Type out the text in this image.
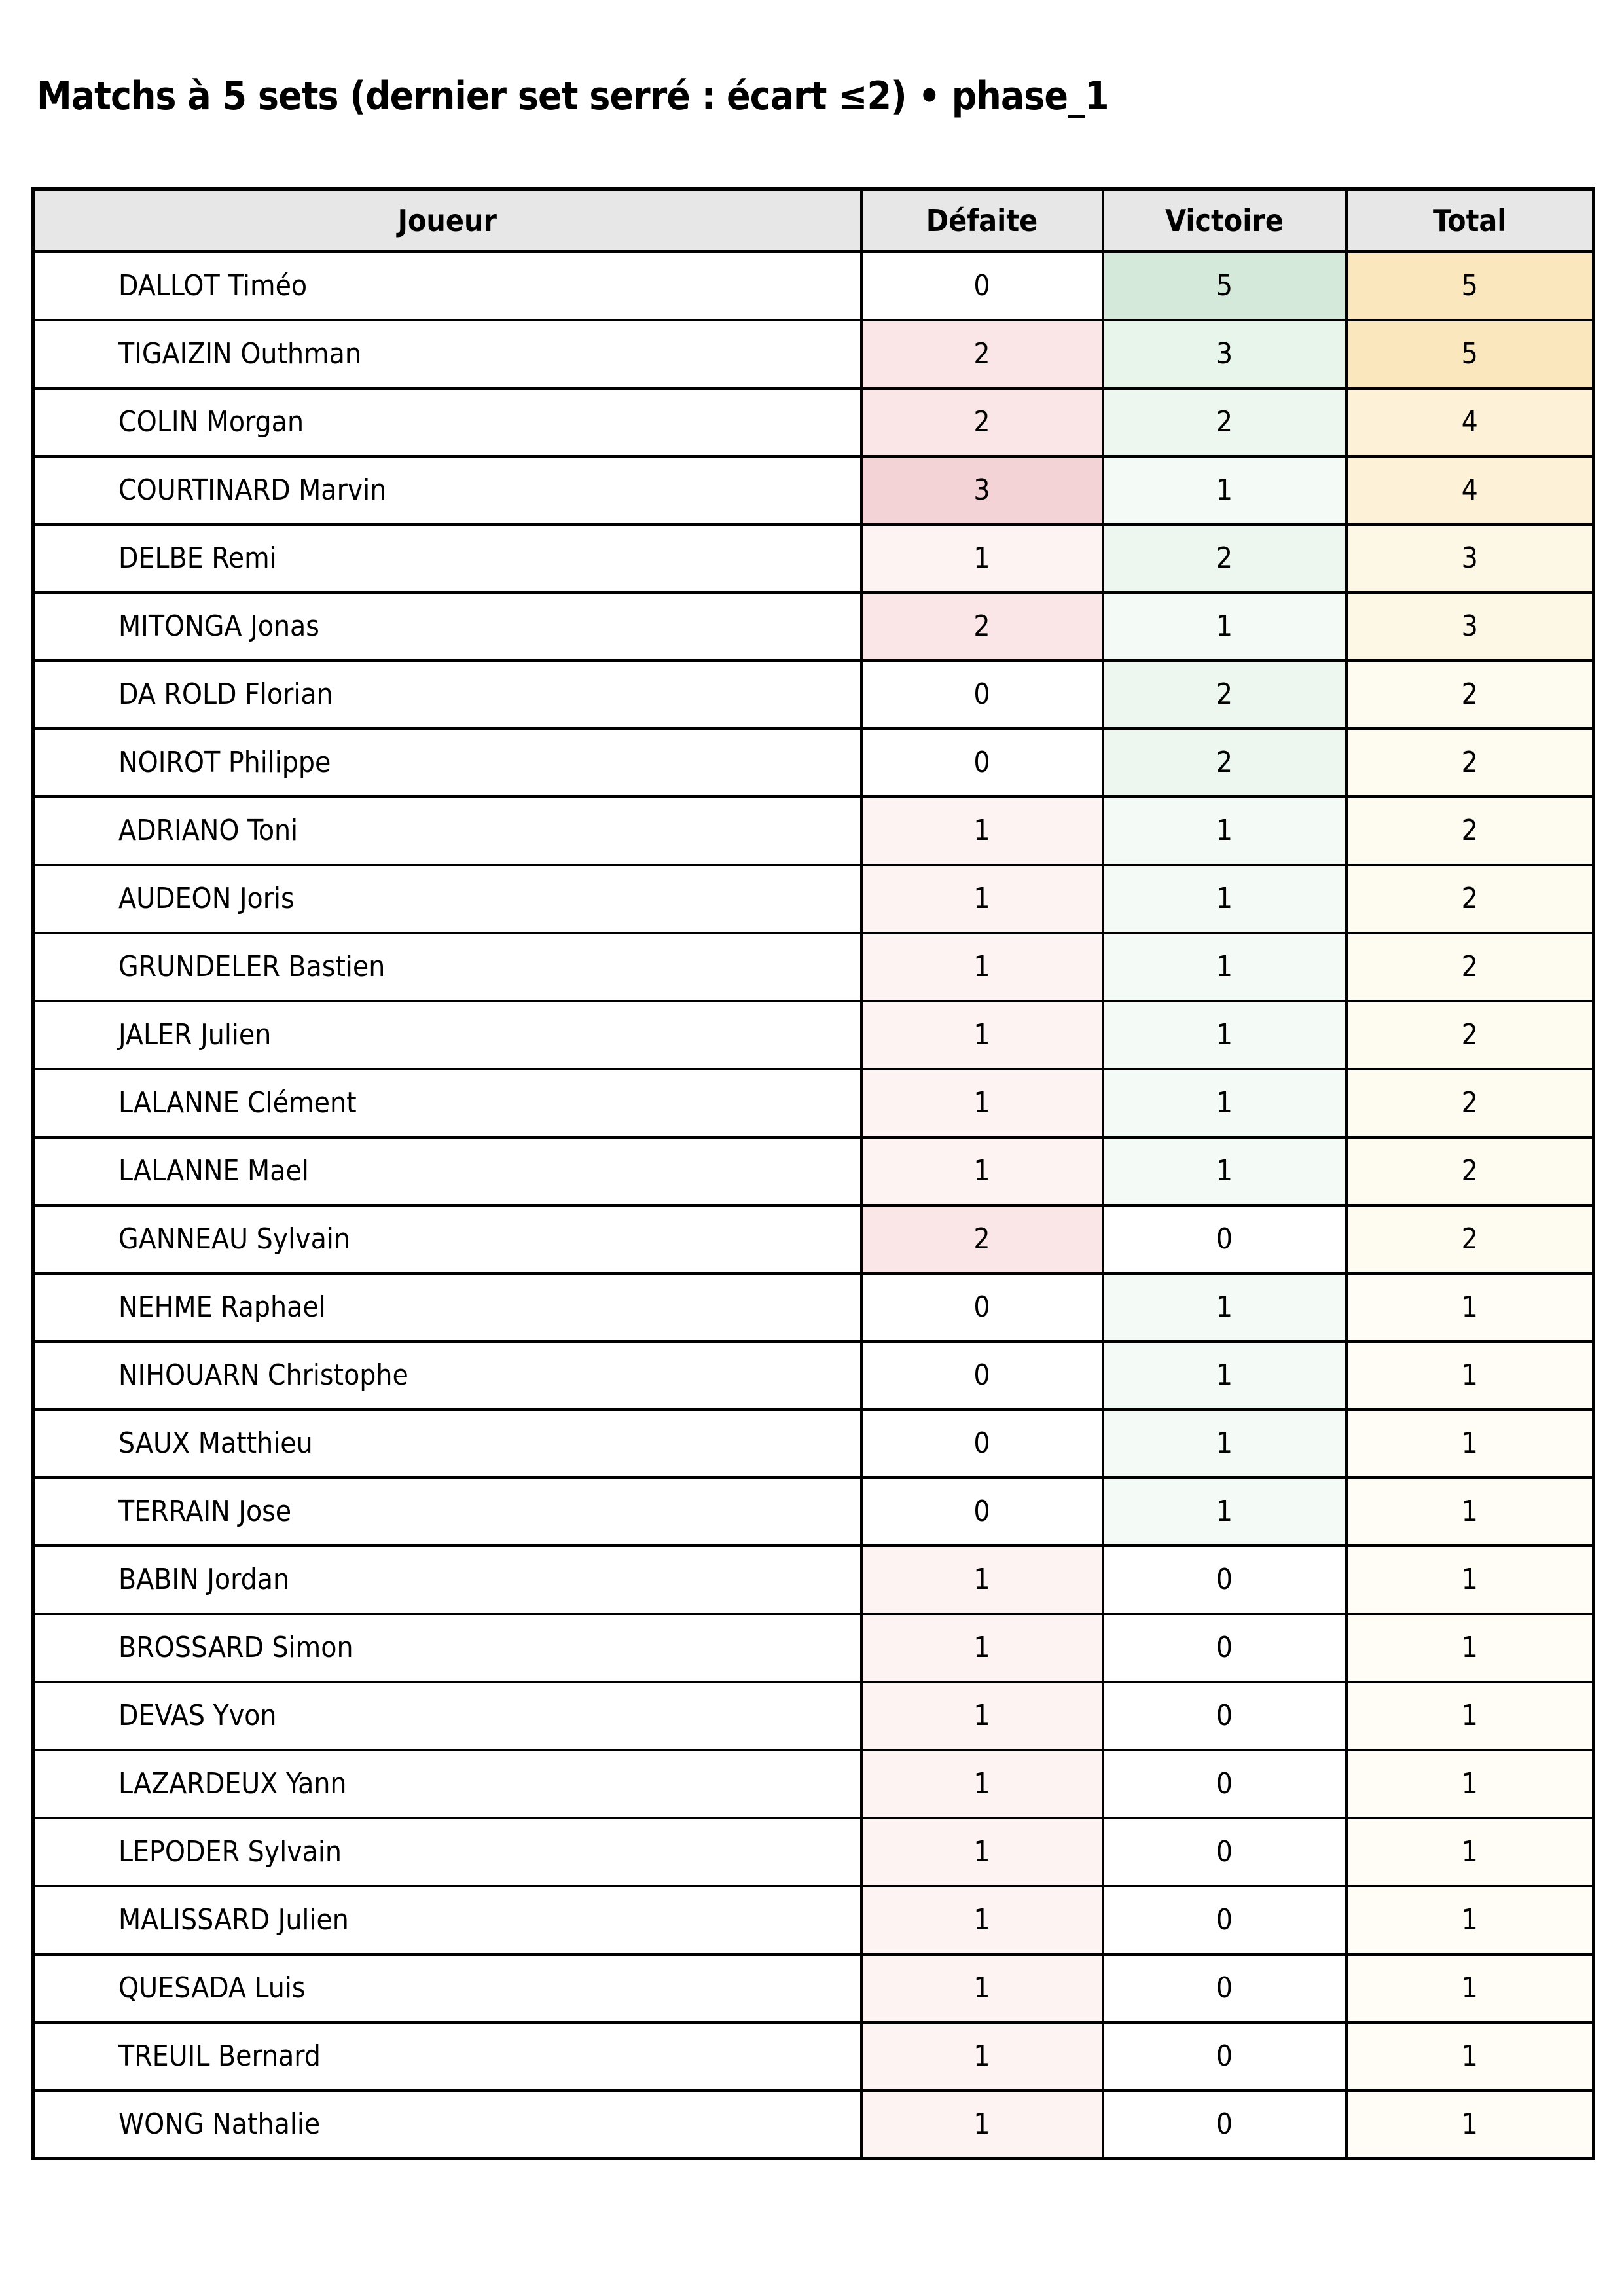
Matchs à 5 sets (dernier set serré : écart ≤2) • phase_1
Joueur	Défaite	Victoire	Total
DALLOT Timéo	0	5	5
TIGAIZIN Outhman	2	3	5
COLIN Morgan	2	2	4
COURTINARD Marvin	3	1	4
DELBE Remi	1	2	3
MITONGA Jonas	2	1	3
DA ROLD Florian	0	2	2
NOIROT Philippe	0	2	2
ADRIANO Toni	1	1	2
AUDEON Joris	1	1	2
GRUNDELER Bastien	1	1	2
JALER Julien	1	1	2
LALANNE Clément	1	1	2
LALANNE Mael	1	1	2
GANNEAU Sylvain	2	0	2
NEHME Raphael	0	1	1
NIHOUARN Christophe	0	1	1
SAUX Matthieu	0	1	1
TERRAIN Jose	0	1	1
BABIN Jordan	1	0	1
BROSSARD Simon	1	0	1
DEVAS Yvon	1	0	1
LAZARDEUX Yann	1	0	1
LEPODER Sylvain	1	0	1
MALISSARD Julien	1	0	1
QUESADA Luis	1	0	1
TREUIL Bernard	1	0	1
WONG Nathalie	1	0	1
